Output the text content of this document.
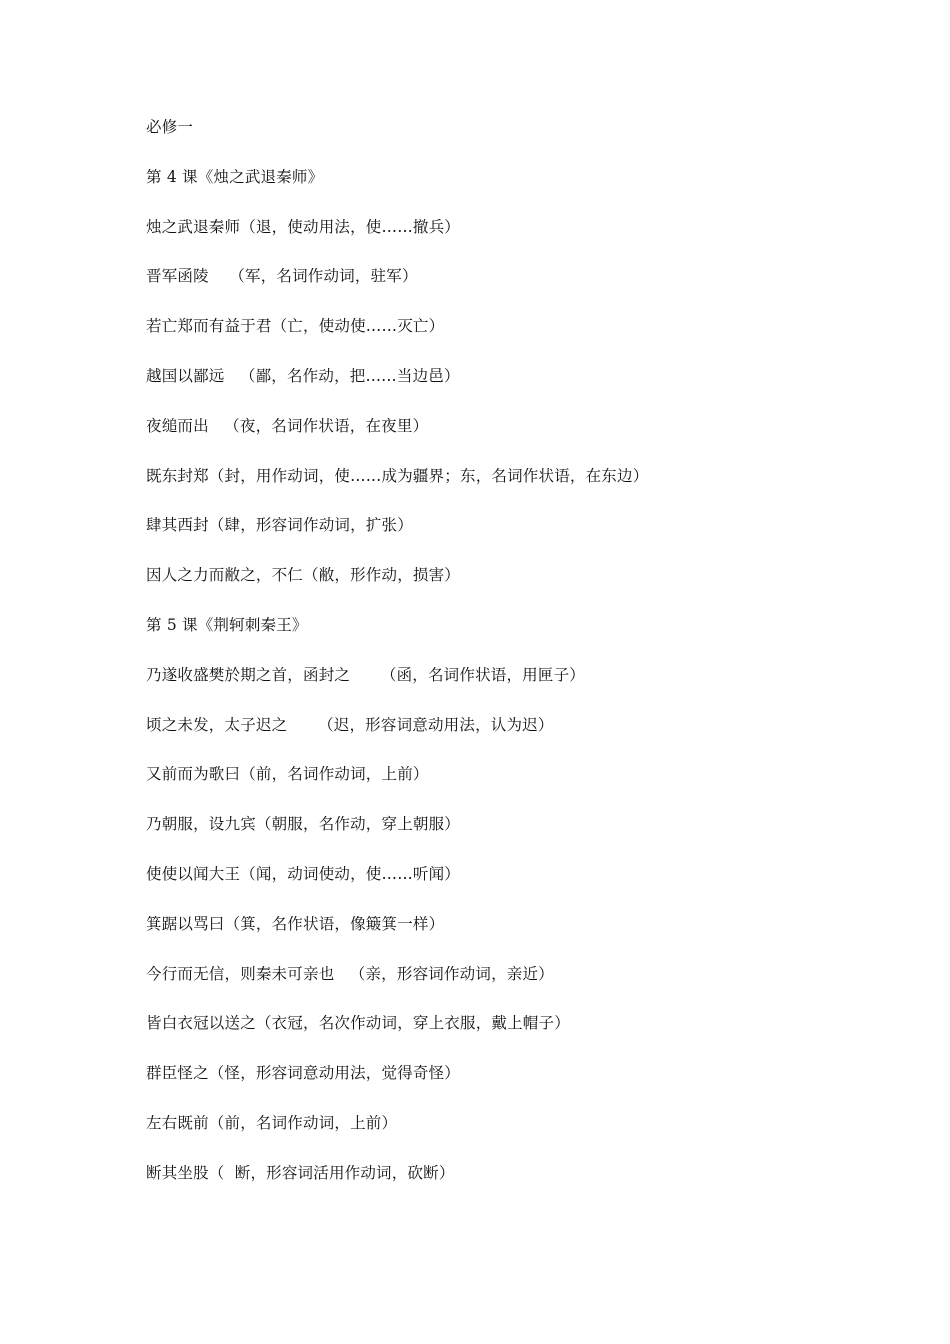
必修一
第 4 课《烛之武退秦师》
烛之武退秦师（退，使动用法，使……撤兵）
晋军函陵    （军，名词作动词，驻军）
若亡郑而有益于君（亡，使动使……灭亡）
越国以鄙远   （鄙，名作动，把……当边邑）
夜缒而出   （夜，名词作状语，在夜里）
既东封郑（封，用作动词，使……成为疆界；东，名词作状语，在东边）
肆其西封（肆，形容词作动词，扩张）
因人之力而敝之，不仁（敝，形作动，损害）
第 5 课《荆轲刺秦王》
乃遂收盛樊於期之首，函封之      （函，名词作状语，用匣子）
顷之未发，太子迟之      （迟，形容词意动用法，认为迟）
又前而为歌曰（前，名词作动词，上前）
乃朝服，设九宾（朝服，名作动，穿上朝服）
使使以闻大王（闻，动词使动，使……听闻）
箕踞以骂曰（箕，名作状语，像簸箕一样）
今行而无信，则秦未可亲也   （亲，形容词作动词，亲近）
皆白衣冠以送之（衣冠，名次作动词，穿上衣服，戴上帽子）
群臣怪之（怪，形容词意动用法，觉得奇怪）
左右既前（前，名词作动词，上前）
断其坐股（  断，形容词活用作动词，砍断）
